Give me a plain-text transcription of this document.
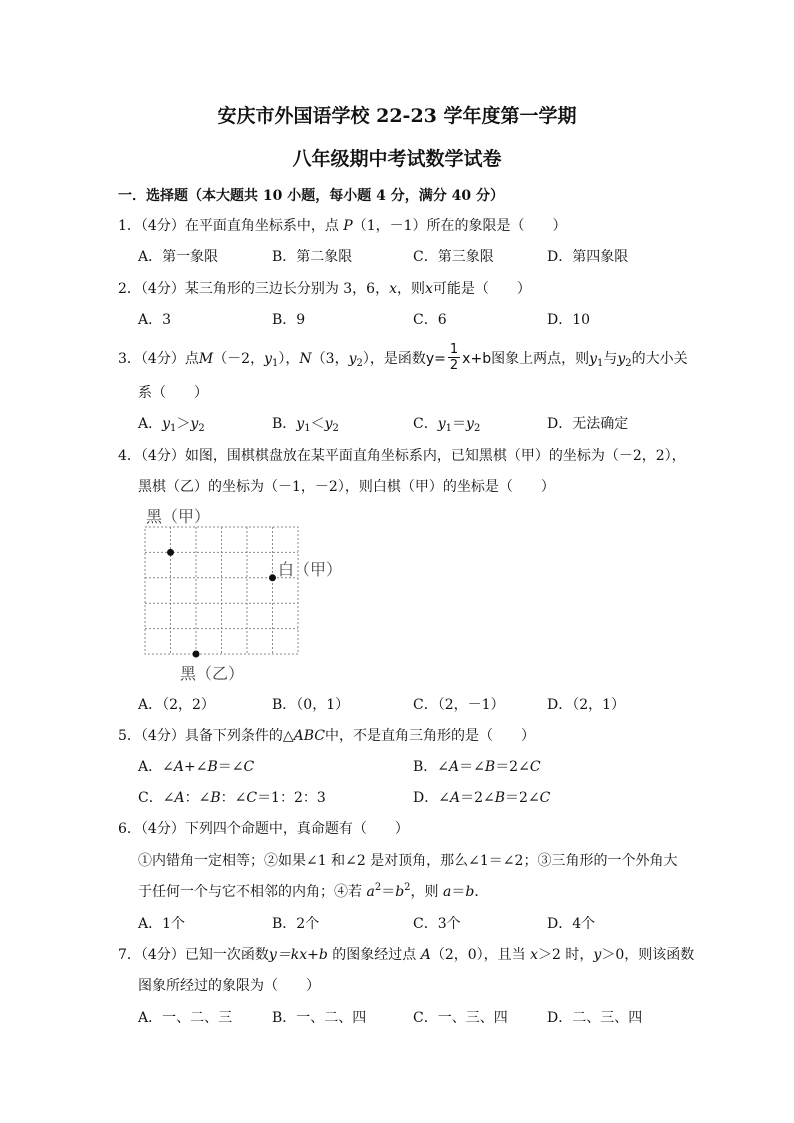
安庆市外国语学校 22-23 学年度第一学期
八年级期中考试数学试卷
一．选择题（本大题共 10 小题，每小题 4 分，满分 40 分）
1．（4分）在平面直角坐标系中，点 P（1，－1）所在的象限是（　　）
A．第一象限	B．第二象限	C．第三象限	D．第四象限
2．（4分）某三角形的三边长分别为 3，6，x，则x可能是（　　）
A．3	B．9	C．6	D．10
3．（4分）点M（－2，$y_1$），N（3，$y_2$），是函数$y= \frac{1}{2} x+b$图象上两点，则$y_1$与$y_2$的大小关
系（　　）
A．$y_1>y_2$	B．$y_1<y_2$	C．$y_1=y_2$	D．无法确定
4．（4分）如图，围棋棋盘放在某平面直角坐标系内，已知黑棋（甲）的坐标为（－2，2），
黑棋（乙）的坐标为（－1，－2），则白棋（甲）的坐标是（　　）
黑（甲）
白（甲）
黑（乙）
A．（2，2）	B．（0，1）	C．（2，－1）	D．（2，1）
5．（4分）具备下列条件的△ABC中，不是直角三角形的是（　　）
A．∠A+∠B＝∠C	B．∠A＝∠B＝2∠C
C．∠A：∠B：∠C＝1：2：3	D．∠A＝2∠B＝2∠C
6．（4分）下列四个命题中，真命题有（　　）
①内错角一定相等；②如果∠1 和∠2 是对顶角，那么∠1＝∠2；③三角形的一个外角大
于任何一个与它不相邻的内角；④若 $a^2=b^2$，则 a＝b．
A．1个	B．2个	C．3个	D．4个
7．（4分）已知一次函数y＝kx+b 的图象经过点 A（2，0），且当 x＞2 时，y＞0，则该函数
图象所经过的象限为（　　）
A．一、二、三	B．一、二、四	C．一、三、四	D．二、三、四
